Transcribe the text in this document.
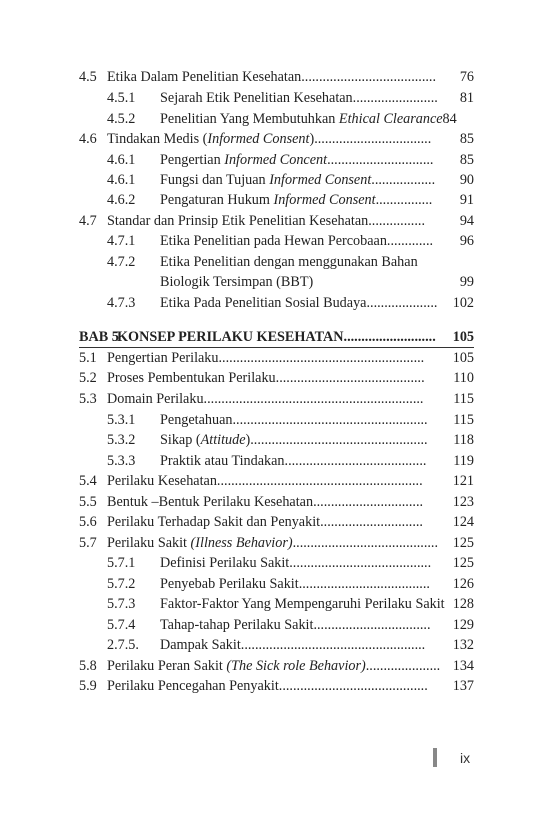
4.5 Etika Dalam Penelitian Kesehatan...................................... 76
4.5.1 Sejarah Etik Penelitian Kesehatan........................ 81
4.5.2 Penelitian Yang Membutuhkan Ethical Clearance84
4.6 Tindakan Medis (Informed Consent)................................. 85
4.6.1 Pengertian Informed Concent.............................. 85
4.6.1 Fungsi dan Tujuan Informed Consent.................. 90
4.6.2 Pengaturan Hukum Informed Consent................ 91
4.7 Standar dan Prinsip Etik Penelitian Kesehatan................ 94
4.7.1 Etika Penelitian pada Hewan Percobaan............. 96
4.7.2 Etika Penelitian dengan menggunakan Bahan
Biologik Tersimpan (BBT)	99
4.7.3 Etika Pada Penelitian Sosial Budaya.................... 102
BAB 5
KONSEP PERILAKU KESEHATAN.......................... 105
5.1 Pengertian Perilaku.......................................................... 105
5.2 Proses Pembentukan Perilaku.......................................... 110
5.3 Domain Perilaku.............................................................. 115
5.3.1 Pengetahuan....................................................... 115
5.3.2 Sikap (Attitude).................................................. 118
5.3.3 Praktik atau Tindakan........................................ 119
5.4 Perilaku Kesehatan.......................................................... 121
5.5 Bentuk –Bentuk Perilaku Kesehatan............................... 123
5.6 Perilaku Terhadap Sakit dan Penyakit............................. 124
5.7 Perilaku Sakit (Illness Behavior)......................................... 125
5.7.1 Definisi Perilaku Sakit........................................ 125
5.7.2 Penyebab Perilaku Sakit..................................... 126
5.7.3 Faktor-Faktor Yang Mempengaruhi Perilaku Sakit 128
5.7.4 Tahap-tahap Perilaku Sakit................................. 129
2.7.5. Dampak Sakit.................................................... 132
5.8 Perilaku Peran Sakit (The Sick role Behavior)..................... 134
5.9 Perilaku Pencegahan Penyakit.......................................... 137
ix
